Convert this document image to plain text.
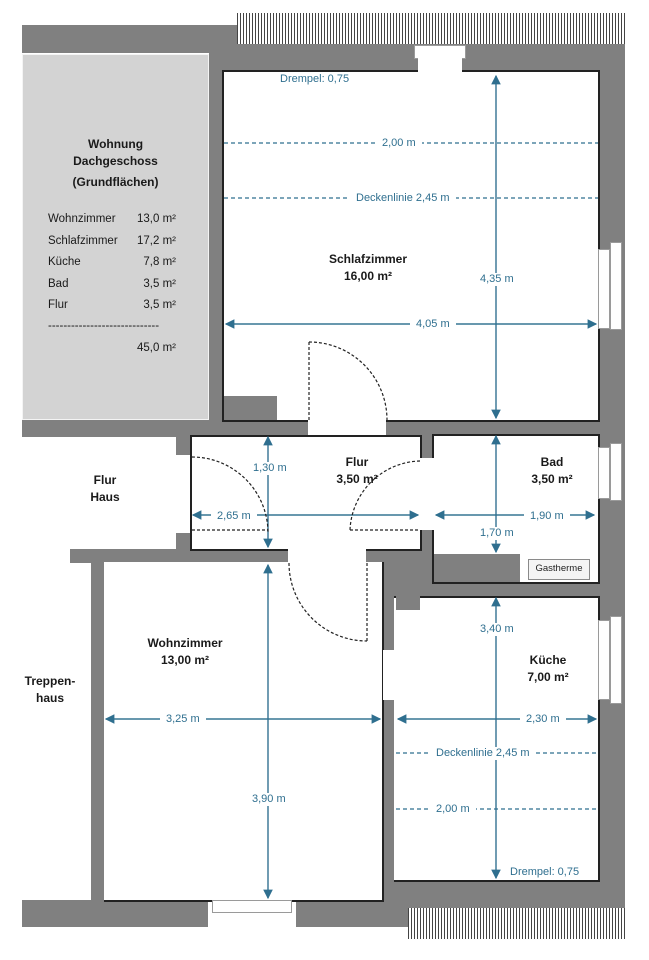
Wohnung
Dachgeschoss
(Grundflächen)
Wohnzimmer 13,0 m²
Schlafzimmer 17,2 m²
Küche	7,8 m²
Bad	3,5 m²
Flur	3,5 m²
-----------------------------
45,0 m²
Schlafzimmer
16,00 m²
Flur
3,50 m²
Bad
3,50 m²
Wohnzimmer
13,00 m²	Küche
7,00 m²
Flur
Haus
Treppen-
haus
Drempel: 0,75
2,00 m
Deckenlinie 2,45 m
4,35 m
4,05 m
1,30 m
2,65 m	1,90 m
1,70 m
3,25 m
3,90 m
3,40 m
2,30 m
Deckenlinie 2,45 m
2,00 m
Drempel: 0,75
Gastherme
